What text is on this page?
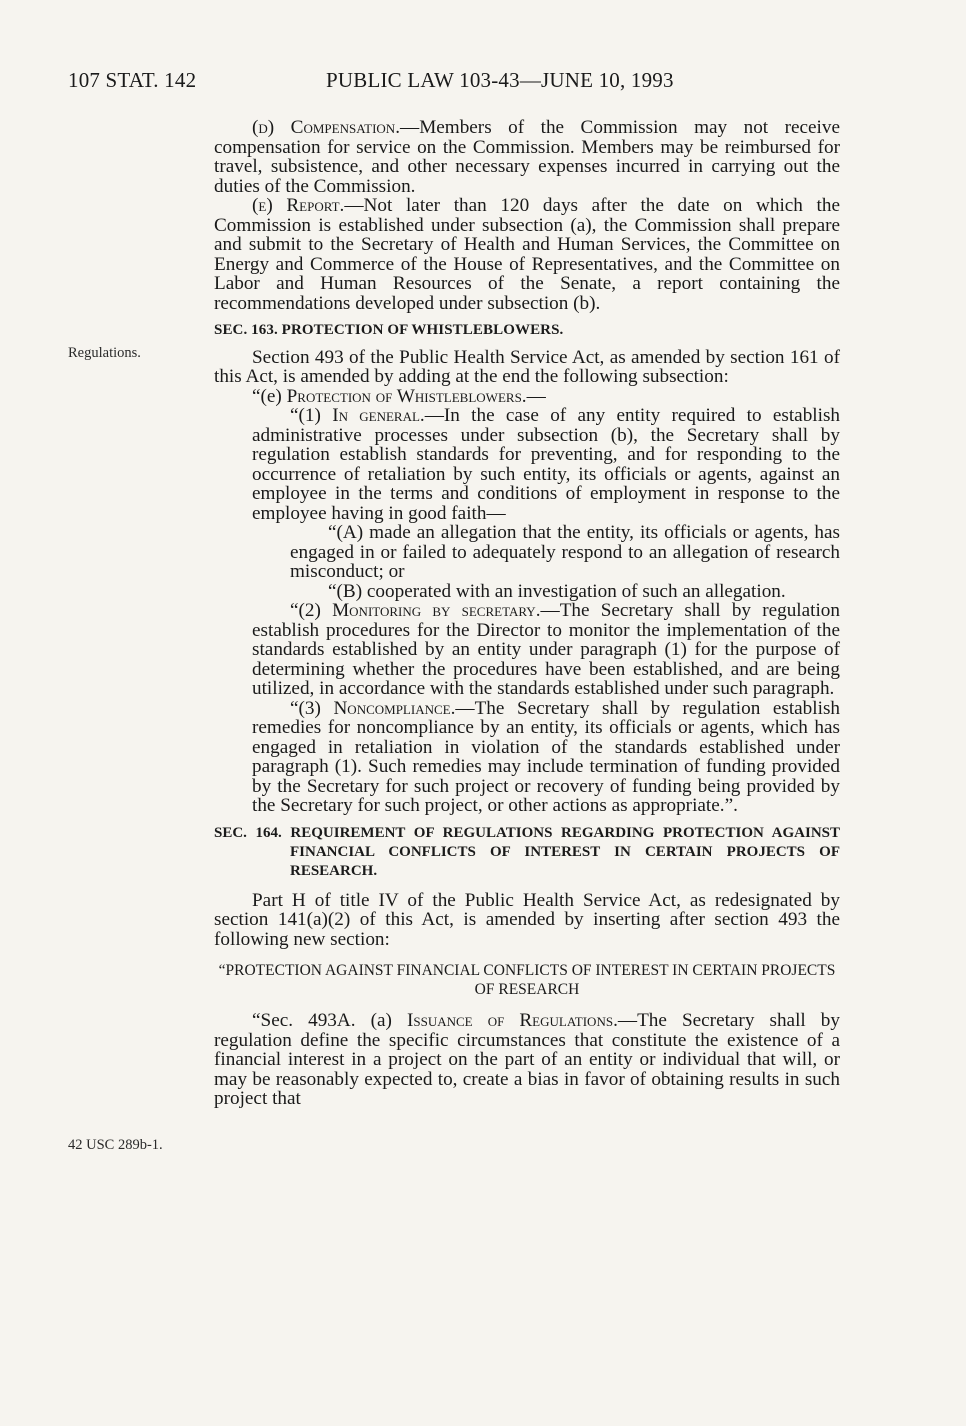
107 STAT. 142	PUBLIC LAW 103-43—JUNE 10, 1993
Regulations.
42 USC 289b-1.

(d) Compensation.—Members of the Commission may not receive compensation for service on the Commission. Members may be reimbursed for travel, subsistence, and other necessary expenses incurred in carrying out the duties of the Commission.

(e) Report.—Not later than 120 days after the date on which the Commission is established under subsection (a), the Commission shall prepare and submit to the Secretary of Health and Human Services, the Committee on Energy and Commerce of the House of Representatives, and the Committee on Labor and Human Resources of the Senate, a report containing the recommendations developed under subsection (b).

SEC. 163. PROTECTION OF WHISTLEBLOWERS.

Section 493 of the Public Health Service Act, as amended by section 161 of this Act, is amended by adding at the end the following subsection:

“(e) Protection of Whistleblowers.—

“(1) In general.—In the case of any entity required to establish administrative processes under subsection (b), the Secretary shall by regulation establish standards for preventing, and for responding to the occurrence of retaliation by such entity, its officials or agents, against an employee in the terms and conditions of employment in response to the employee having in good faith—

“(A) made an allegation that the entity, its officials or agents, has engaged in or failed to adequately respond to an allegation of research misconduct; or

“(B) cooperated with an investigation of such an allegation.

“(2) Monitoring by secretary.—The Secretary shall by regulation establish procedures for the Director to monitor the implementation of the standards established by an entity under paragraph (1) for the purpose of determining whether the procedures have been established, and are being utilized, in accordance with the standards established under such paragraph.

“(3) Noncompliance.—The Secretary shall by regulation establish remedies for noncompliance by an entity, its officials or agents, which has engaged in retaliation in violation of the standards established under paragraph (1). Such remedies may include termination of funding provided by the Secretary for such project or recovery of funding being provided by the Secretary for such project, or other actions as appropriate.”.

SEC. 164. REQUIREMENT OF REGULATIONS REGARDING PROTECTION AGAINST FINANCIAL CONFLICTS OF INTEREST IN CERTAIN PROJECTS OF RESEARCH.

Part H of title IV of the Public Health Service Act, as redesignated by section 141(a)(2) of this Act, is amended by inserting after section 493 the following new section:

“PROTECTION AGAINST FINANCIAL CONFLICTS OF INTEREST IN CERTAIN PROJECTS OF RESEARCH

“Sec. 493A. (a) Issuance of Regulations.—The Secretary shall by regulation define the specific circumstances that constitute the existence of a financial interest in a project on the part of an entity or individual that will, or may be reasonably expected to, create a bias in favor of obtaining results in such project that
